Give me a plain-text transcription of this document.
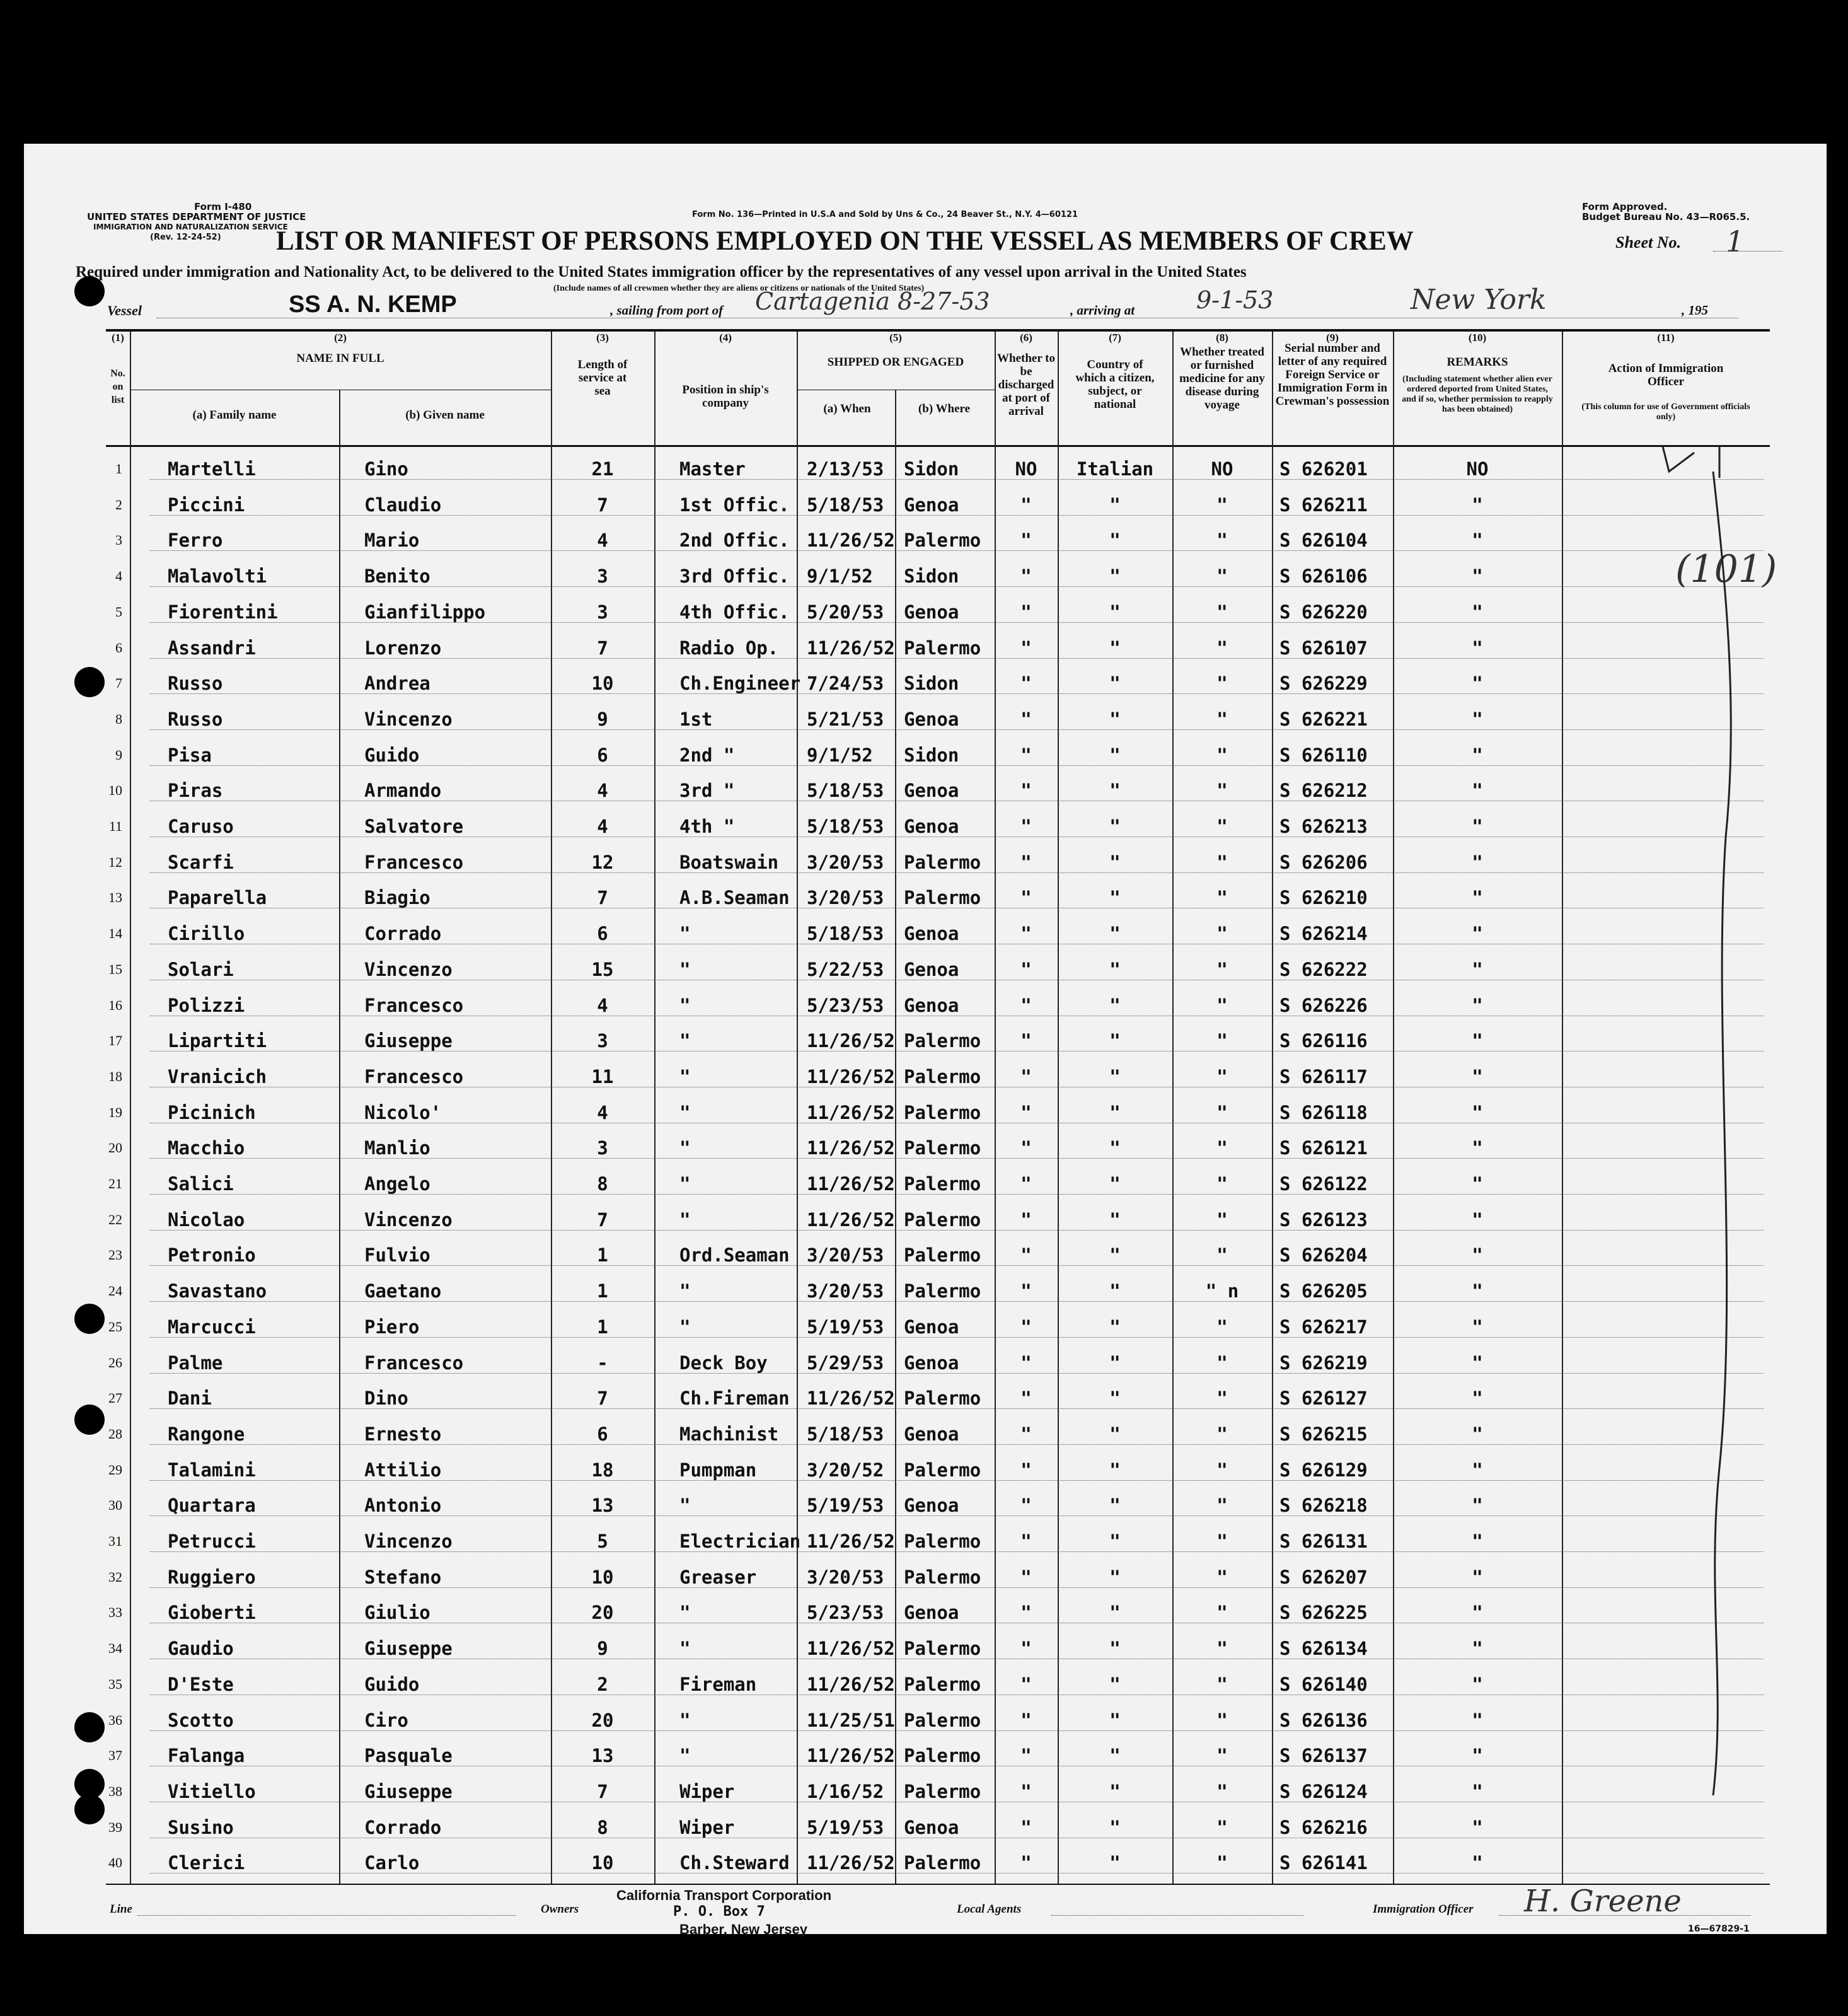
Form I-480
UNITED STATES DEPARTMENT OF JUSTICE
IMMIGRATION AND NATURALIZATION SERVICE
(Rev. 12-24-52)
Form No. 136—Printed in U.S.A and Sold by Uns & Co., 24 Beaver St., N.Y. 4—60121
Form Approved.
Budget Bureau No. 43—R065.5.
LIST OR MANIFEST OF PERSONS EMPLOYED ON THE VESSEL AS MEMBERS OF CREW	Sheet No. 1
Required under immigration and Nationality Act, to be delivered to the United States immigration officer by the representatives of any vessel upon arrival in the United States
(Include names of all crewmen whether they are aliens or citizens or nationals of the United States)
Vessel	SS A. N. KEMP	, sailing from port of Cartagenia 8-27-53	, arriving at	9-1-53	New York	, 195
(1)	(2)	(3)	(4)	(5)	(6)	(7)	(8)	(9)	(10)	(11)
No. on list
NAME IN FULL
(a) Family name	(b) Given name
Length of service at sea	Position in ship's company
SHIPPED OR ENGAGED
(a) When	(b) Where
Whether to be discharged at port of arrival
Country of which a citizen, subject, or national
Whether treated or furnished medicine for any disease during voyage
Serial number and letter of any required Foreign Service or Immigration Form in Crewman's possession
REMARKS
(Including statement whether alien ever ordered deported from United States, and if so, whether permission to reapply has been obtained)
Action of Immigration Officer
(This column for use of Government officials only)
1 Martelli	Gino	21	Master	2/13/53	Sidon	NO	Italian	NO	S 626201	NO
2 Piccini	Claudio	7	1st Offic. 5/18/53	Genoa	"	"	"	S 626211	"
3 Ferro	Mario	4	2nd Offic. 11/26/52 Palermo	"	"	"	S 626104	"
4 Malavolti	Benito	3	3rd Offic. 9/1/52	Sidon	"	"	"	S 626106	"
5 Fiorentini	Gianfilippo	3	4th Offic. 5/20/53	Genoa	"	"	"	S 626220	"
6 Assandri	Lorenzo	7	Radio Op.	11/26/52 Palermo	"	"	"	S 626107	"
7 Russo	Andrea	10	Ch.Engineer 7/24/53	Sidon	"	"	"	S 626229	"
8 Russo	Vincenzo	9	1st	5/21/53	Genoa	"	"	"	S 626221	"
9 Pisa	Guido	6	2nd "	9/1/52	Sidon	"	"	"	S 626110	"
10 Piras	Armando	4	3rd "	5/18/53	Genoa	"	"	"	S 626212	"
11 Caruso	Salvatore	4	4th "	5/18/53	Genoa	"	"	"	S 626213	"
12 Scarfi	Francesco	12	Boatswain	3/20/53	Palermo	"	"	"	S 626206	"
13 Paparella	Biagio	7	A.B.Seaman 3/20/53	Palermo	"	"	"	S 626210	"
14 Cirillo	Corrado	6	"	5/18/53	Genoa	"	"	"	S 626214	"
15 Solari	Vincenzo	15	"	5/22/53	Genoa	"	"	"	S 626222	"
16 Polizzi	Francesco	4	"	5/23/53	Genoa	"	"	"	S 626226	"
17 Lipartiti	Giuseppe	3	"	11/26/52 Palermo	"	"	"	S 626116	"
18 Vranicich	Francesco	11	"	11/26/52 Palermo	"	"	"	S 626117	"
19 Picinich	Nicolo'	4	"	11/26/52 Palermo	"	"	"	S 626118	"
20 Macchio	Manlio	3	"	11/26/52 Palermo	"	"	"	S 626121	"
21 Salici	Angelo	8	"	11/26/52 Palermo	"	"	"	S 626122	"
22 Nicolao	Vincenzo	7	"	11/26/52 Palermo	"	"	"	S 626123	"
23 Petronio	Fulvio	1	Ord.Seaman 3/20/53	Palermo	"	"	"	S 626204	"
24 Savastano	Gaetano	1	"	3/20/53	Palermo	"	"	" n	S 626205	"
25 Marcucci	Piero	1	"	5/19/53	Genoa	"	"	"	S 626217	"
26 Palme	Francesco	-	Deck Boy	5/29/53	Genoa	"	"	"	S 626219	"
27 Dani	Dino	7	Ch.Fireman 11/26/52 Palermo	"	"	"	S 626127	"
28 Rangone	Ernesto	6	Machinist	5/18/53	Genoa	"	"	"	S 626215	"
29 Talamini	Attilio	18	Pumpman	3/20/52	Palermo	"	"	"	S 626129	"
30 Quartara	Antonio	13	"	5/19/53	Genoa	"	"	"	S 626218	"
31 Petrucci	Vincenzo	5	Electrician 11/26/52 Palermo	"	"	"	S 626131	"
32 Ruggiero	Stefano	10	Greaser	3/20/53	Palermo	"	"	"	S 626207	"
33 Gioberti	Giulio	20	"	5/23/53	Genoa	"	"	"	S 626225	"
34 Gaudio	Giuseppe	9	"	11/26/52 Palermo	"	"	"	S 626134	"
35 D'Este	Guido	2	Fireman	11/26/52 Palermo	"	"	"	S 626140	"
36 Scotto	Ciro	20	"	11/25/51 Palermo	"	"	"	S 626136	"
37 Falanga	Pasquale	13	"	11/26/52 Palermo	"	"	"	S 626137	"
38 Vitiello	Giuseppe	7	Wiper	1/16/52	Palermo	"	"	"	S 626124	"
39 Susino	Corrado	8	Wiper	5/19/53	Genoa	"	"	"	S 626216	"
40 Clerici	Carlo	10	Ch.Steward 11/26/52 Palermo	"	"	"	S 626141	"
(101)
Line	Owners
California Transport Corporation
P. O. Box 7
Barber, New Jersey
Local Agents	Immigration Officer H. Greene
16—67829-1
